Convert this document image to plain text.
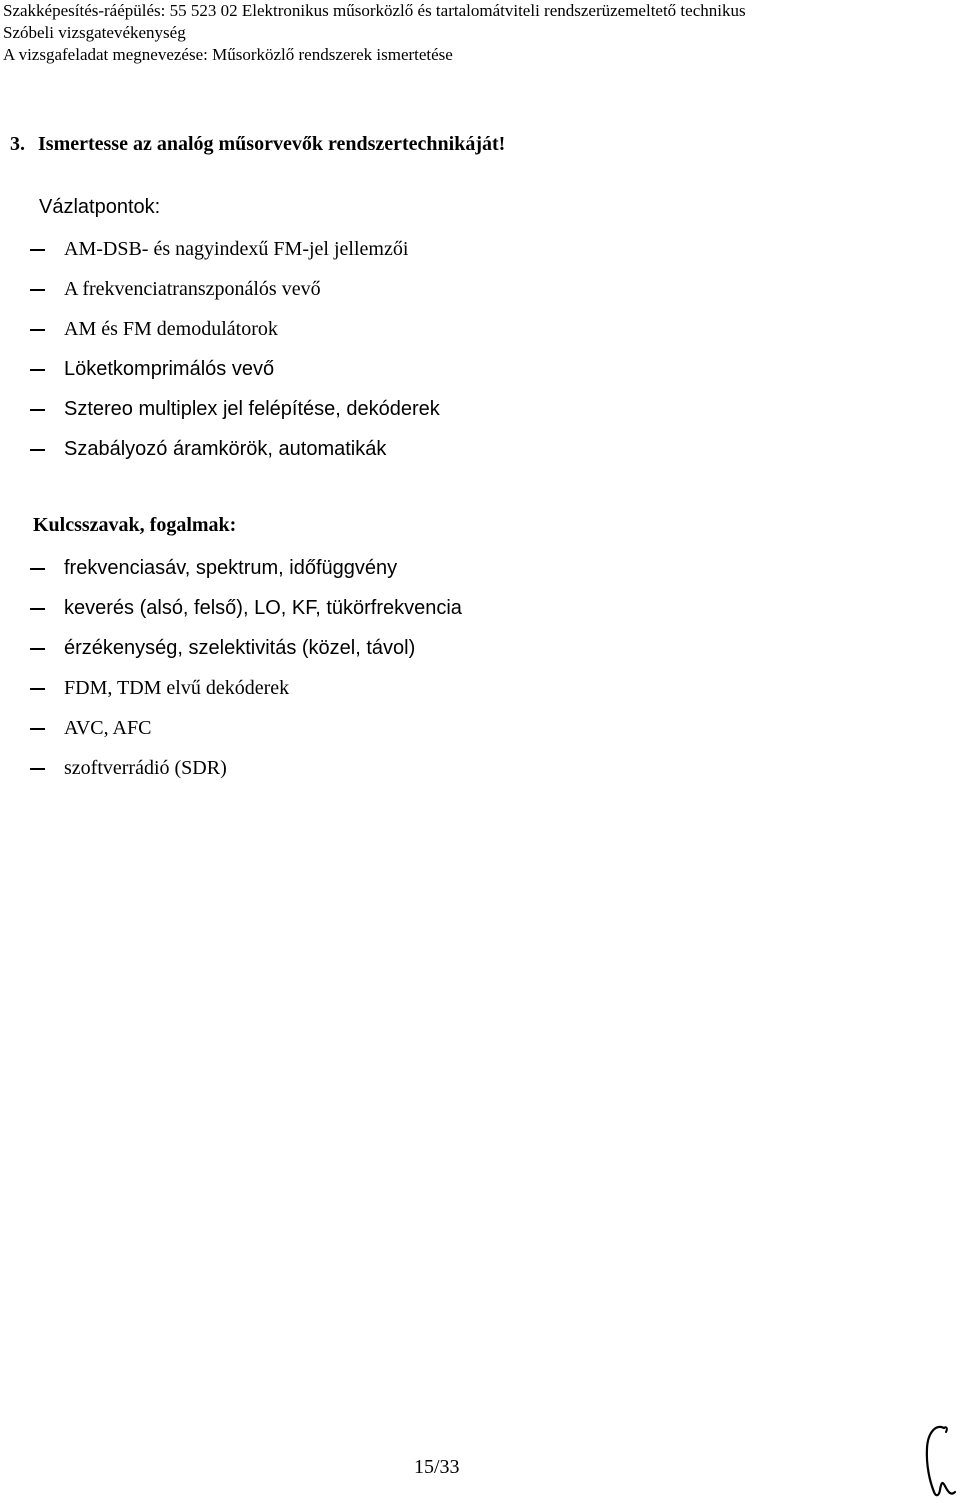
Szakképesítés-ráépülés: 55 523 02 Elektronikus műsorközlő és tartalomátviteli rendszerüzemeltető technikus
Szóbeli vizsgatevékenység
A vizsgafeladat megnevezése: Műsorközlő rendszerek ismertetése
3. Ismertesse az analóg műsorvevők rendszertechnikáját!
Vázlatpontok:
AM-DSB- és nagyindexű FM-jel jellemzői
A frekvenciatranszponálós vevő
AM és FM demodulátorok
Löketkomprimálós vevő
Sztereo multiplex jel felépítése, dekóderek
Szabályozó áramkörök, automatikák
Kulcsszavak, fogalmak:
frekvenciasáv, spektrum, időfüggvény
keverés (alsó, felső), LO, KF, tükörfrekvencia
érzékenység, szelektivitás (közel, távol)
FDM, TDM elvű dekóderek
AVC, AFC
szoftverrádió (SDR)
15/33
